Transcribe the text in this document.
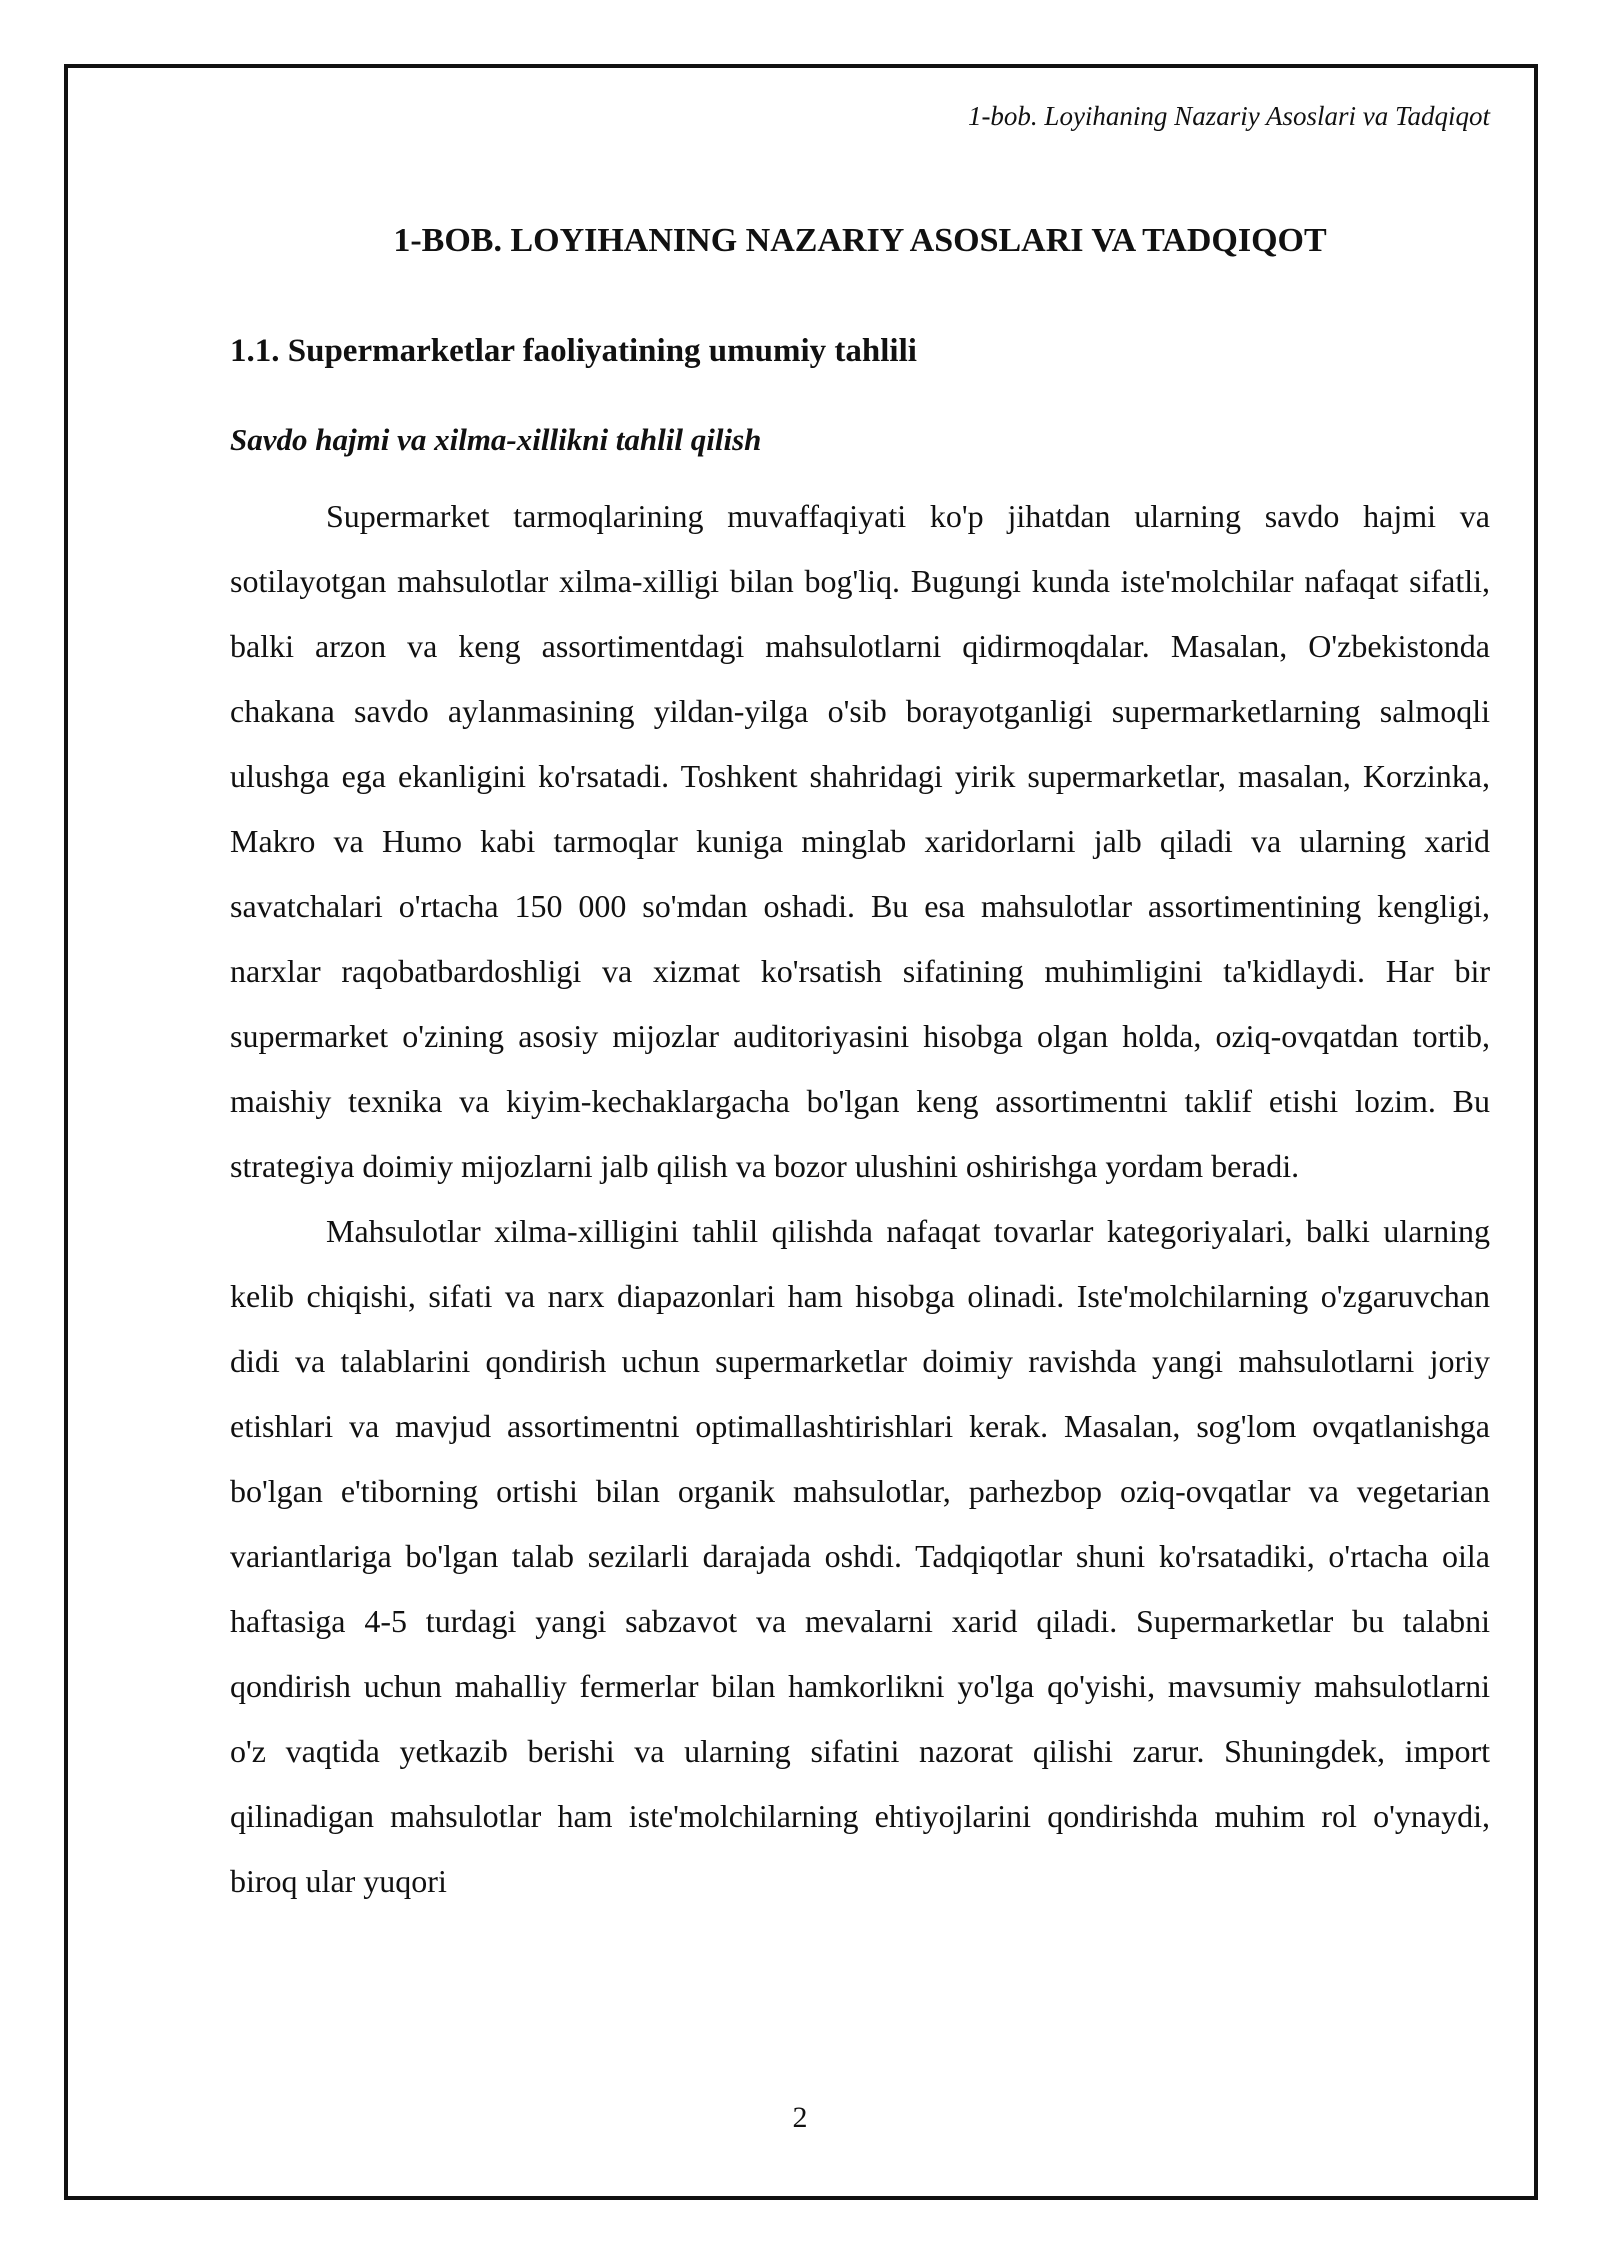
1-bob. Loyihaning Nazariy Asoslari va Tadqiqot
1-BOB. LOYIHANING NAZARIY ASOSLARI VA TADQIQOT
1.1. Supermarketlar faoliyatining umumiy tahlili
Savdo hajmi va xilma-xillikni tahlil qilish

Supermarket tarmoqlarining muvaffaqiyati ko'p jihatdan ularning savdo hajmi va sotilayotgan mahsulotlar xilma-xilligi bilan bog'liq. Bugungi kunda iste'molchilar nafaqat sifatli, balki arzon va keng assortimentdagi mahsulotlarni qidirmoqdalar. Masalan, O'zbekistonda chakana savdo aylanmasining yildan-yilga o'sib borayotganligi supermarketlarning salmoqli ulushga ega ekanligini ko'rsatadi. Toshkent shahridagi yirik supermarketlar, masalan, Korzinka, Makro va Humo kabi tarmoqlar kuniga minglab xaridorlarni jalb qiladi va ularning xarid savatchalari o'rtacha 150 000 so'mdan oshadi. Bu esa mahsulotlar assortimentining kengligi, narxlar raqobatbardoshligi va xizmat ko'rsatish sifatining muhimligini ta'kidlaydi. Har bir supermarket o'zining asosiy mijozlar auditoriyasini hisobga olgan holda, oziq-ovqatdan tortib, maishiy texnika va kiyim-kechaklargacha bo'lgan keng assortimentni taklif etishi lozim. Bu strategiya doimiy mijozlarni jalb qilish va bozor ulushini oshirishga yordam beradi.

Mahsulotlar xilma-xilligini tahlil qilishda nafaqat tovarlar kategoriyalari, balki ularning kelib chiqishi, sifati va narx diapazonlari ham hisobga olinadi. Iste'molchilarning o'zgaruvchan didi va talablarini qondirish uchun supermarketlar doimiy ravishda yangi mahsulotlarni joriy etishlari va mavjud assortimentni optimallashtirishlari kerak. Masalan, sog'lom ovqatlanishga bo'lgan e'tiborning ortishi bilan organik mahsulotlar, parhezbop oziq-ovqatlar va vegetarian variantlariga bo'lgan talab sezilarli darajada oshdi. Tadqiqotlar shuni ko'rsatadiki, o'rtacha oila haftasiga 4-5 turdagi yangi sabzavot va mevalarni xarid qiladi. Supermarketlar bu talabni qondirish uchun mahalliy fermerlar bilan hamkorlikni yo'lga qo'yishi, mavsumiy mahsulotlarni o'z vaqtida yetkazib berishi va ularning sifatini nazorat qilishi zarur. Shuningdek, import qilinadigan mahsulotlar ham iste'molchilarning ehtiyojlarini qondirishda muhim rol o'ynaydi, biroq ular yuqori

2
